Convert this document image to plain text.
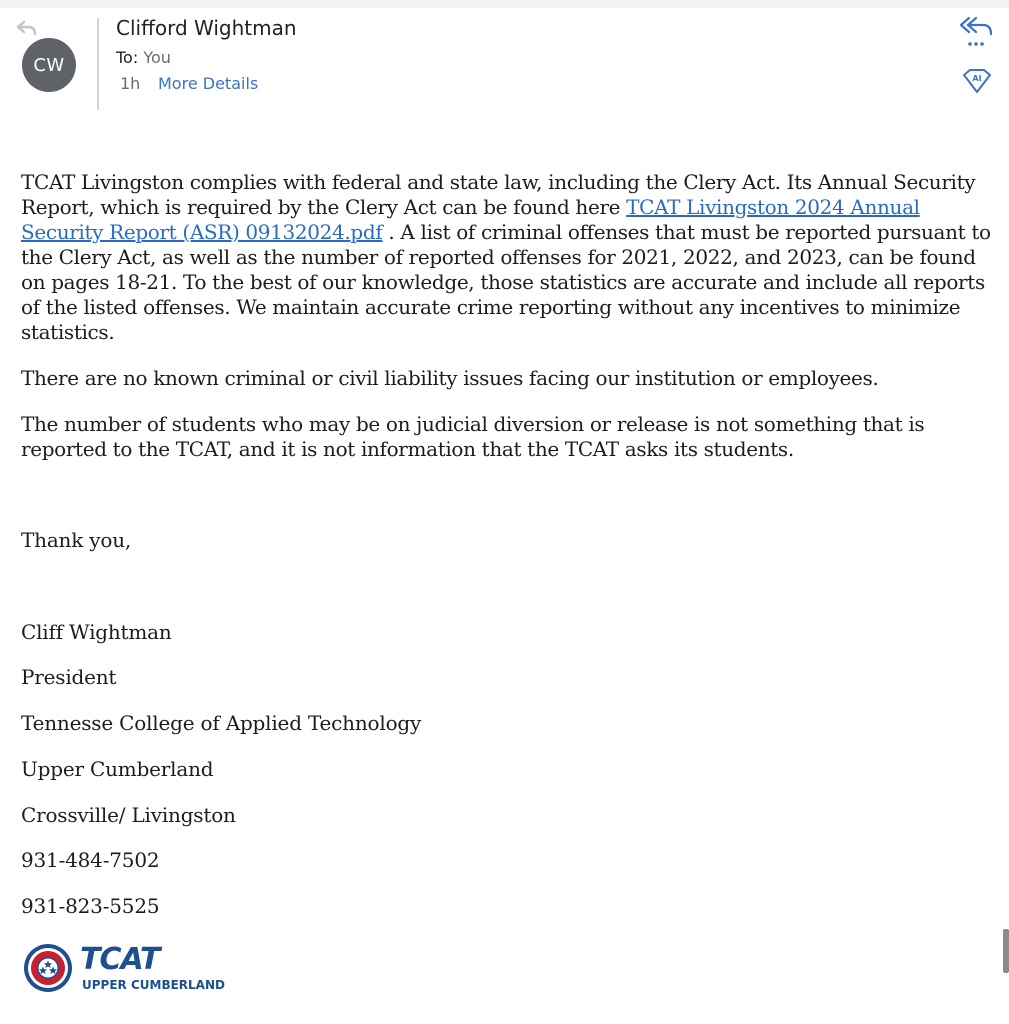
CW
Clifford Wightman
To: You
1h More Details	AI

TCAT Livingston complies with federal and state law, including the Clery Act. Its Annual Security Report, which is required by the Clery Act can be found here TCAT Livingston 2024 Annual Security Report (ASR) 09132024.pdf . A list of criminal offenses that must be reported pursuant to the Clery Act, as well as the number of reported offenses for 2021, 2022, and 2023, can be found on pages 18-21. To the best of our knowledge, those statistics are accurate and include all reports of the listed offenses. We maintain accurate crime reporting without any incentives to minimize statistics.

There are no known criminal or civil liability issues facing our institution or employees.

The number of students who may be on judicial diversion or release is not something that is reported to the TCAT, and it is not information that the TCAT asks its students.

Thank you,
Cliff Wightman
President
Tennesse College of Applied Technology
Upper Cumberland
Crossville/ Livingston
931-484-7502
931-823-5525
TCAT
UPPER CUMBERLAND
